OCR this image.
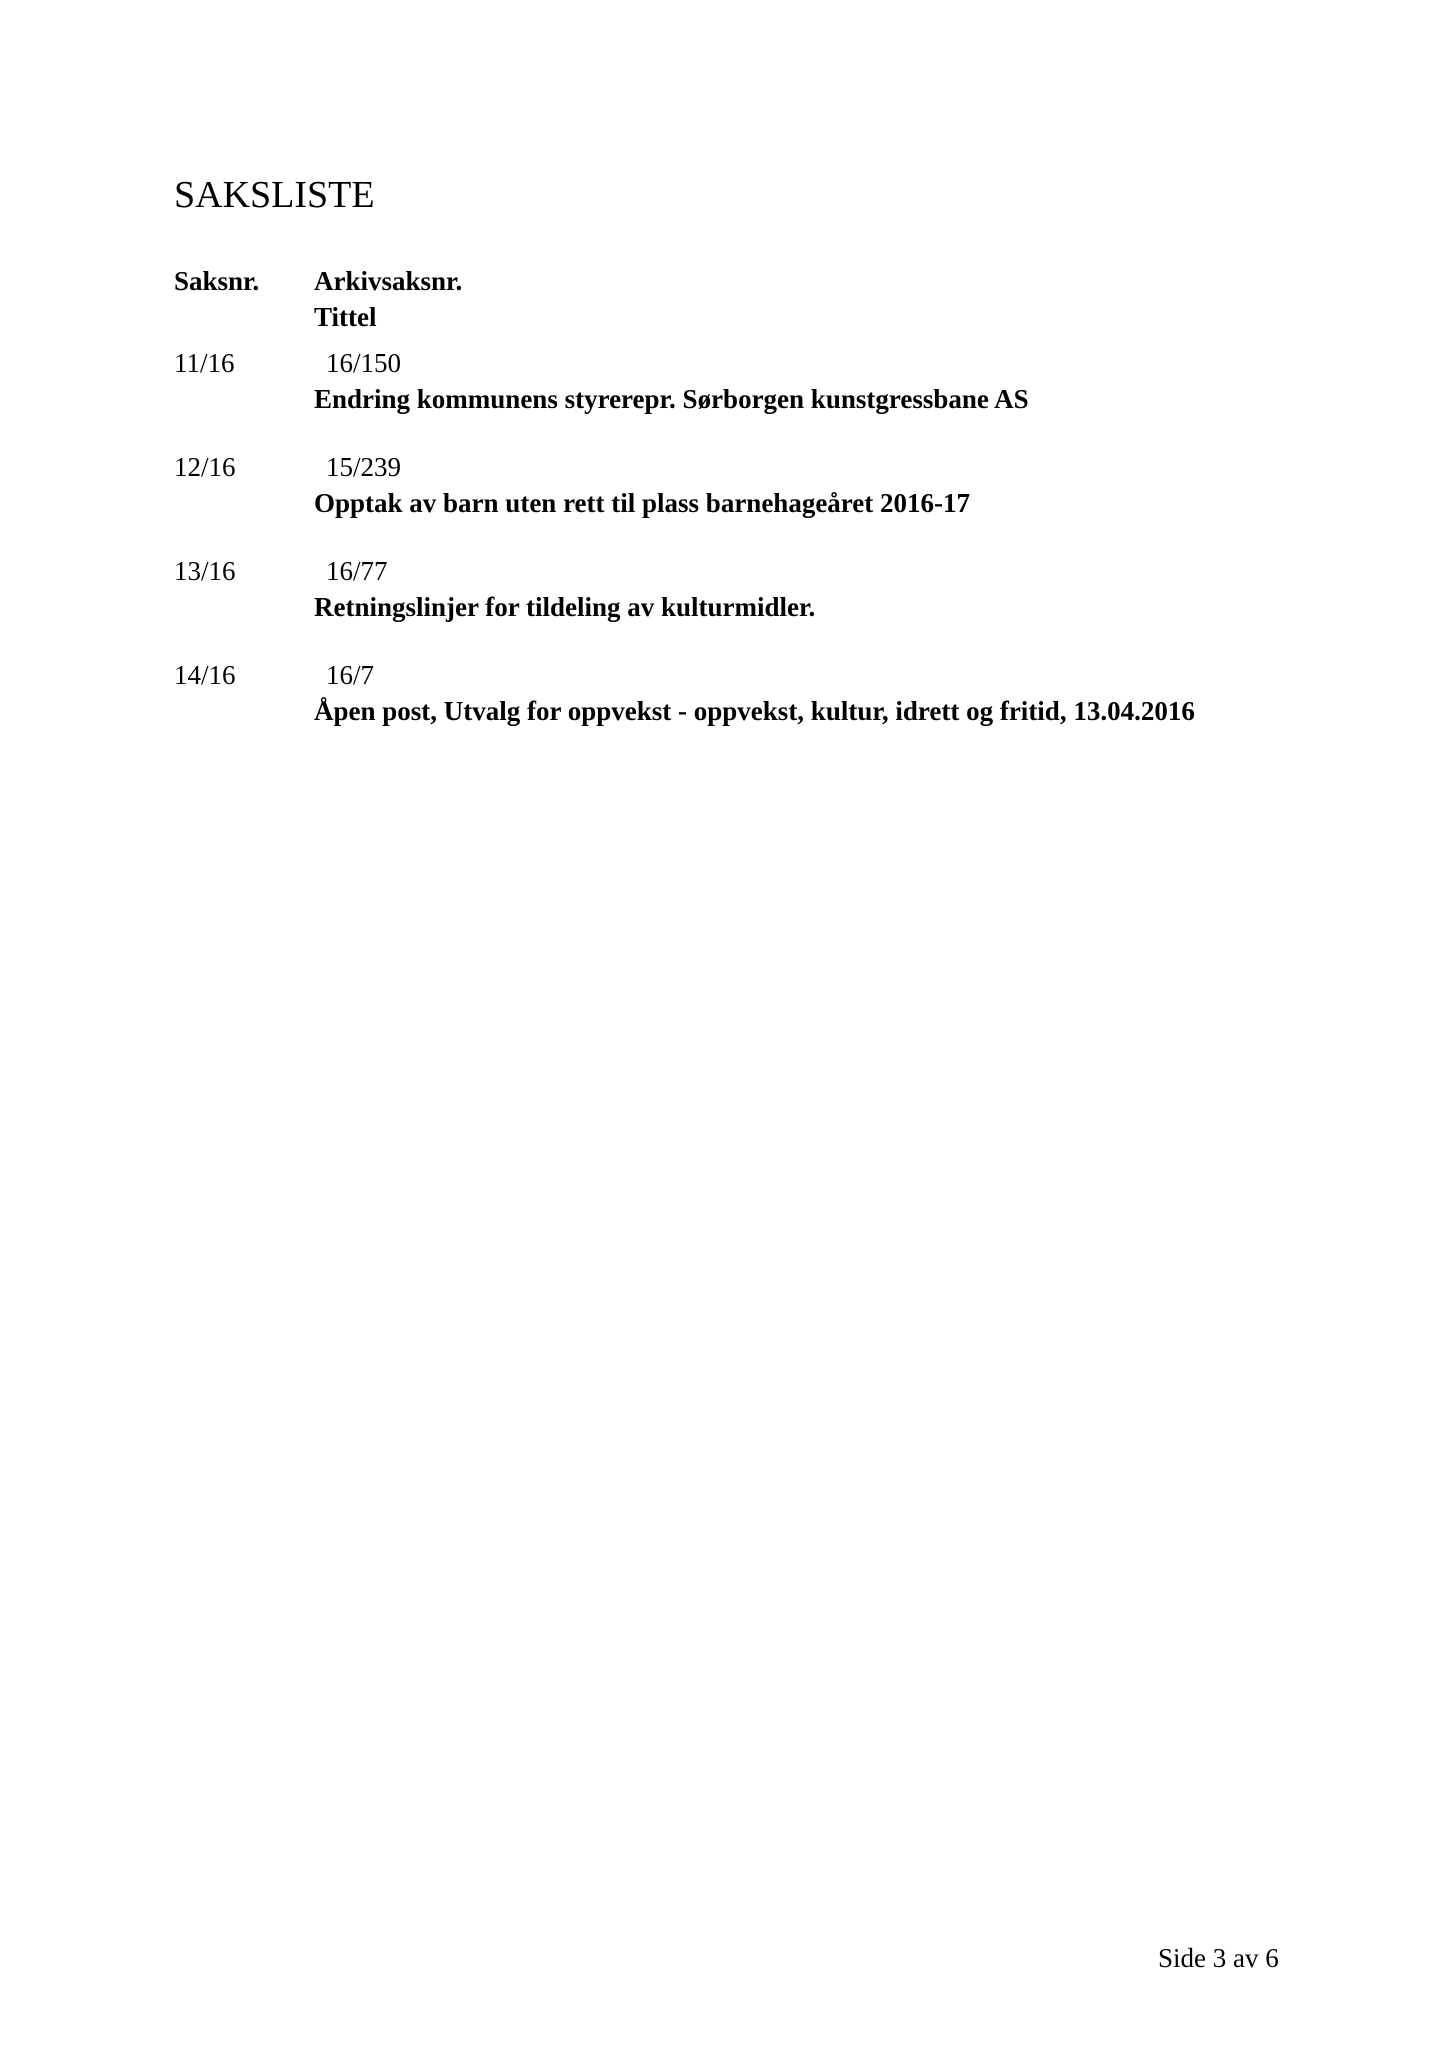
SAKSLISTE
Saksnr. Arkivsaksnr.
Tittel
11/16	16/150
Endring kommunens styrerepr. Sørborgen kunstgressbane AS
12/16	15/239
Opptak av barn uten rett til plass barnehageåret 2016-17
13/16	16/77
Retningslinjer for tildeling av kulturmidler.
14/16	16/7
Åpen post, Utvalg for oppvekst - oppvekst, kultur, idrett og fritid, 13.04.2016
Side 3 av 6
